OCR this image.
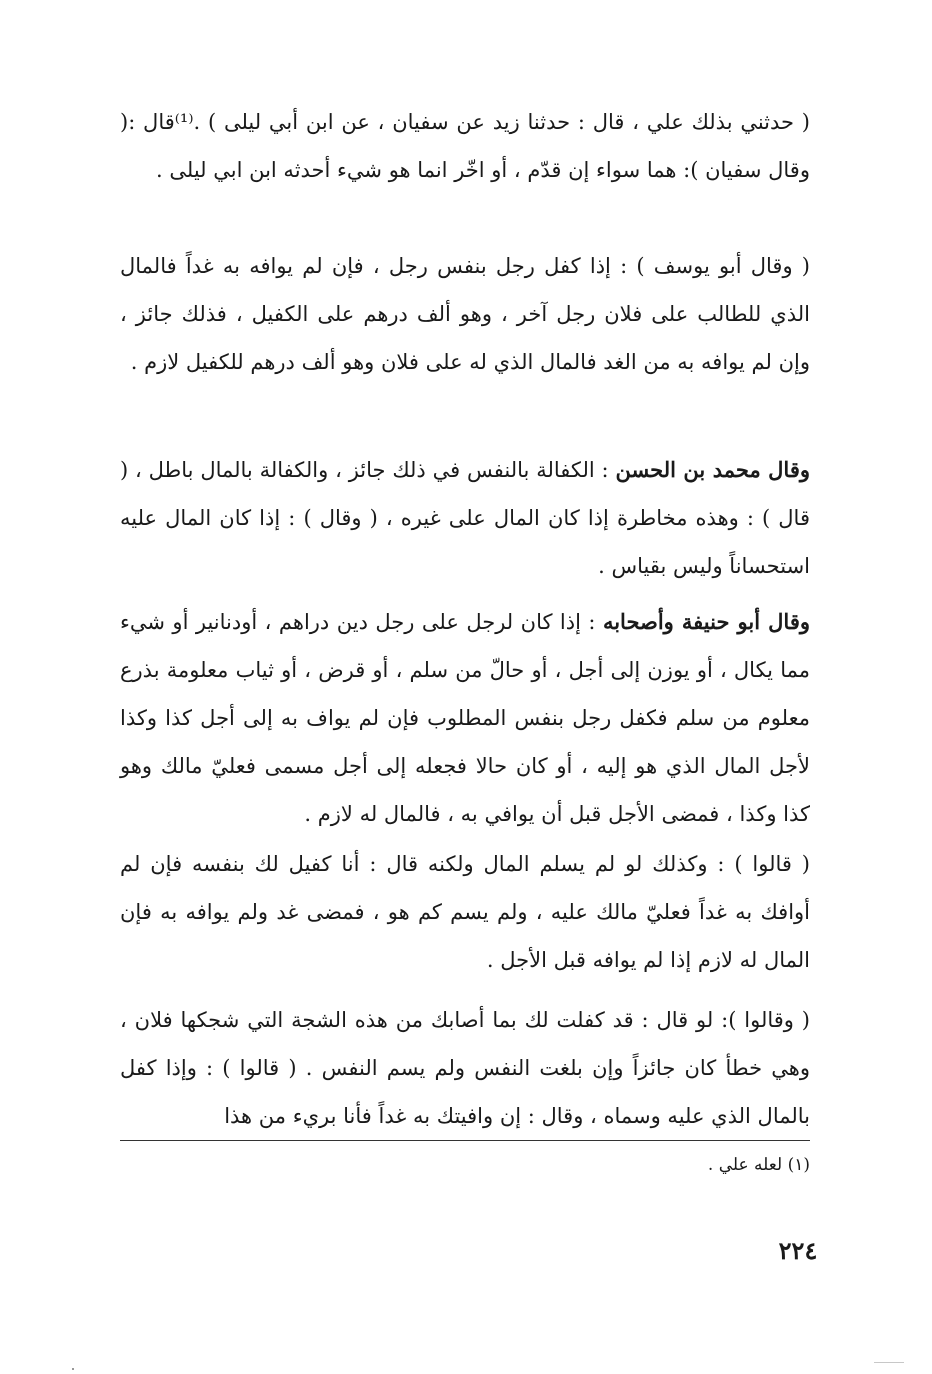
( حدثني بذلك علي ، قال : حدثنا زيد عن سفيان ، عن ابن أبي ليلى ) .⁽¹⁾قال :( وقال سفيان ): هما سواء إن قدّم ، أو اخّر انما هو شيء أحدثه ابن ابي ليلى .

( وقال أبو يوسف ) : إذا كفل رجل بنفس رجل ، فإن لم يوافه به غداً فالمال الذي للطالب على فلان رجل آخر ، وهو ألف درهم على الكفيل ، فذلك جائز ، وإن لم يوافه به من الغد فالمال الذي له على فلان وهو ألف درهم للكفيل لازم .

وقال محمد بن الحسن : الكفالة بالنفس في ذلك جائز ، والكفالة بالمال باطل ، ( قال ) : وهذه مخاطرة إذا كان المال على غيره ، ( وقال ) : إذا كان المال عليه استحساناً وليس بقياس .

وقال أبو حنيفة وأصحابه : إذا كان لرجل على رجل دين دراهم ، أودنانير أو شيء مما يكال ، أو يوزن إلى أجل ، أو حالّ من سلم ، أو قرض ، أو ثياب معلومة بذرع معلوم من سلم فكفل رجل بنفس المطلوب فإن لم يواف به إلى أجل كذا وكذا لأجل المال الذي هو إليه ، أو كان حالا فجعله إلى أجل مسمى فعليّ مالك وهو كذا وكذا ، فمضى الأجل قبل أن يوافي به ، فالمال له لازم .

( قالوا ) : وكذلك لو لم يسلم المال ولكنه قال : أنا كفيل لك بنفسه فإن لم أوافك به غداً فعليّ مالك عليه ، ولم يسم كم هو ، فمضى غد ولم يوافه به فإن المال له لازم إذا لم يوافه قبل الأجل .

( وقالوا ): لو قال : قد كفلت لك بما أصابك من هذه الشجة التي شجكها فلان ، وهي خطأ كان جائزاً وإن بلغت النفس ولم يسم النفس . ( قالوا ) : وإذا كفل بالمال الذي عليه وسماه ، وقال : إن وافيتك به غداً فأنا بريء من هذا

(١) لعله علي .

٢٢٤
